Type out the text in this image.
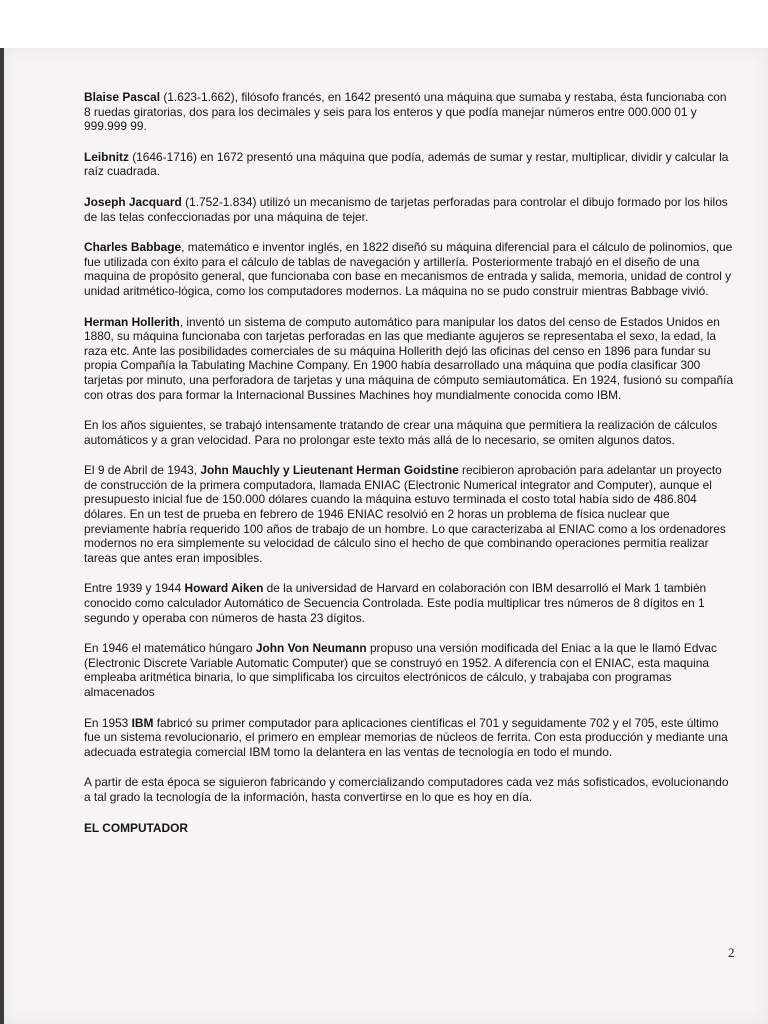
Blaise Pascal (1.623-1.662), filósofo francés, en 1642 presentó una máquina que sumaba y restaba, ésta funcionaba con 8 ruedas giratorias, dos para los decimales y seis para los enteros y que podía manejar números entre 000.000 01 y 999.999 99.

Leibnitz (1646-1716) en 1672 presentó una máquina que podía, además de sumar y restar, multiplicar, dividir y calcular la raíz cuadrada.

Joseph Jacquard (1.752-1.834) utilizó un mecanismo de tarjetas perforadas para controlar el dibujo formado por los hilos de las telas confeccionadas por una máquina de tejer.

Charles Babbage, matemático e inventor inglés, en 1822 diseñó su máquina diferencial para el cálculo de polinomios, que fue utilizada con éxito para el cálculo de tablas de navegación y artillería. Posteriormente trabajó en el diseño de una maquina de propósito general, que funcionaba con base en mecanismos de entrada y salida, memoria, unidad de control y unidad aritmético-lógica, como los computadores modernos. La máquina no se pudo construir mientras Babbage vivió.

Herman Hollerith, inventó un sistema de computo automático para manipular los datos del censo de Estados Unidos en 1880, su máquina funcionaba con tarjetas perforadas en las que mediante agujeros se representaba el sexo, la edad, la raza etc. Ante las posibilidades comerciales de su máquina Hollerith dejó las oficinas del censo en 1896 para fundar su propia Compañía la Tabulating Machine Company. En 1900 había desarrollado una máquina que podía clasificar 300 tarjetas por minuto, una perforadora de tarjetas y una máquina de cómputo semiautomática. En 1924, fusionó su compañía con otras dos para formar la Internacional Bussines Machines hoy mundialmente conocida como IBM.

En los años siguientes, se trabajó intensamente tratando de crear una máquina que permitiera la realización de cálculos automáticos y a gran velocidad. Para no prolongar este texto más allá de lo necesario, se omiten algunos datos.

El 9 de Abril de 1943, John Mauchly y Lieutenant Herman Goidstine recibieron aprobación para adelantar un proyecto de construcción de la primera computadora, llamada ENIAC (Electronic Numerical integrator and Computer), aunque el presupuesto inicial fue de 150.000 dólares cuando la máquina estuvo terminada el costo total había sido de 486.804 dólares. En un test de prueba en febrero de 1946 ENIAC resolvió en 2 horas un problema de física nuclear que previamente habría requerido 100 años de trabajo de un hombre. Lo que caracterizaba al ENIAC como a los ordenadores modernos no era simplemente su velocidad de cálculo sino el hecho de que combinando operaciones permitía realizar tareas que antes eran imposibles.

Entre 1939 y 1944 Howard Aiken de la universidad de Harvard en colaboración con IBM desarrolló el Mark 1 también conocido como calculador Automático de Secuencia Controlada. Este podía multiplicar tres números de 8 dígitos en 1 segundo y operaba con números de hasta 23 dígitos.

En 1946 el matemático húngaro John Von Neumann propuso una versión modificada del Eniac a la que le llamó Edvac (Electronic Discrete Variable Automatic Computer) que se construyó en 1952. A diferencia con el ENIAC, esta maquina empleaba aritmética binaria, lo que simplificaba los circuitos electrónicos de cálculo, y trabajaba con programas almacenados

En 1953 IBM fabricó su primer computador para aplicaciones científicas el 701 y seguidamente 702 y el 705, este último fue un sistema revolucionario, el primero en emplear memorias de núcleos de ferrita. Con esta producción y mediante una adecuada estrategia comercial IBM tomo la delantera en las ventas de tecnología en todo el mundo.

A partir de esta época se siguieron fabricando y comercializando computadores cada vez más sofisticados, evolucionando a tal grado la tecnología de la información, hasta convertirse en lo que es hoy en día.

EL COMPUTADOR
2
